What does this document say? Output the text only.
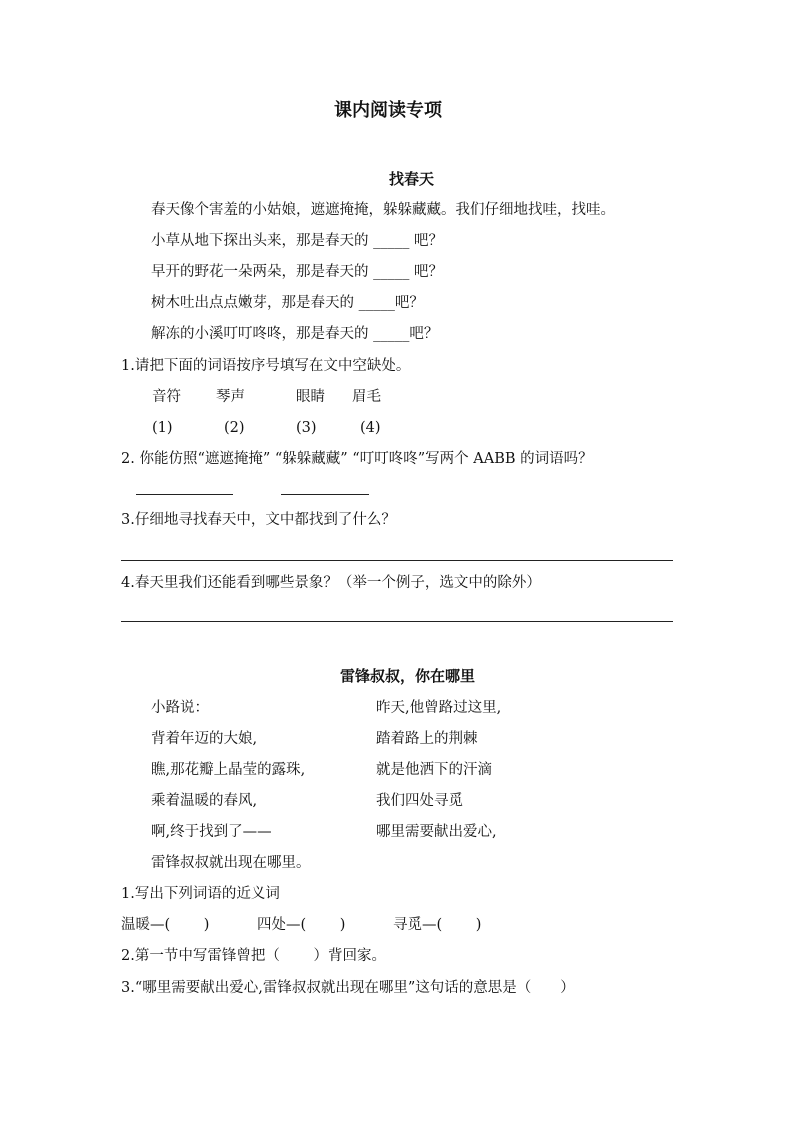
课内阅读专项
找春天
春天像个害羞的小姑娘，遮遮掩掩，躲躲藏藏。我们仔细地找哇，找哇。
小草从地下探出头来，那是春天的 _____ 吧？
早开的野花一朵两朵，那是春天的 _____ 吧？
树木吐出点点嫩芽，那是春天的 _____吧？
解冻的小溪叮叮咚咚，那是春天的 _____吧？
1.请把下面的词语按序号填写在文中空缺处。
音符 琴声	眼睛 眉毛
(1)	(2)	(3)	(4)
2. 你能仿照“遮遮掩掩” “躲躲藏藏” “叮叮咚咚”写两个 AABB 的词语吗？
3.仔细地寻找春天中，文中都找到了什么？
4.春天里我们还能看到哪些景象？（举一个例子，选文中的除外）
雷锋叔叔，你在哪里
小路说：
背着年迈的大娘,
瞧,那花瓣上晶莹的露珠,
乘着温暖的春风,
啊,终于找到了——
雷锋叔叔就出现在哪里。
昨天,他曾路过这里,
踏着路上的荆棘
就是他洒下的汗滴
我们四处寻觅
哪里需要献出爱心,
1.写出下列词语的近义词
温暖—(　　 )	四处—(　　 )	寻觅—(　　 )
2.第一节中写雷锋曾把（　　 ）背回家。
3.“哪里需要献出爱心,雷锋叔叔就出现在哪里”这句话的意思是（　　）
